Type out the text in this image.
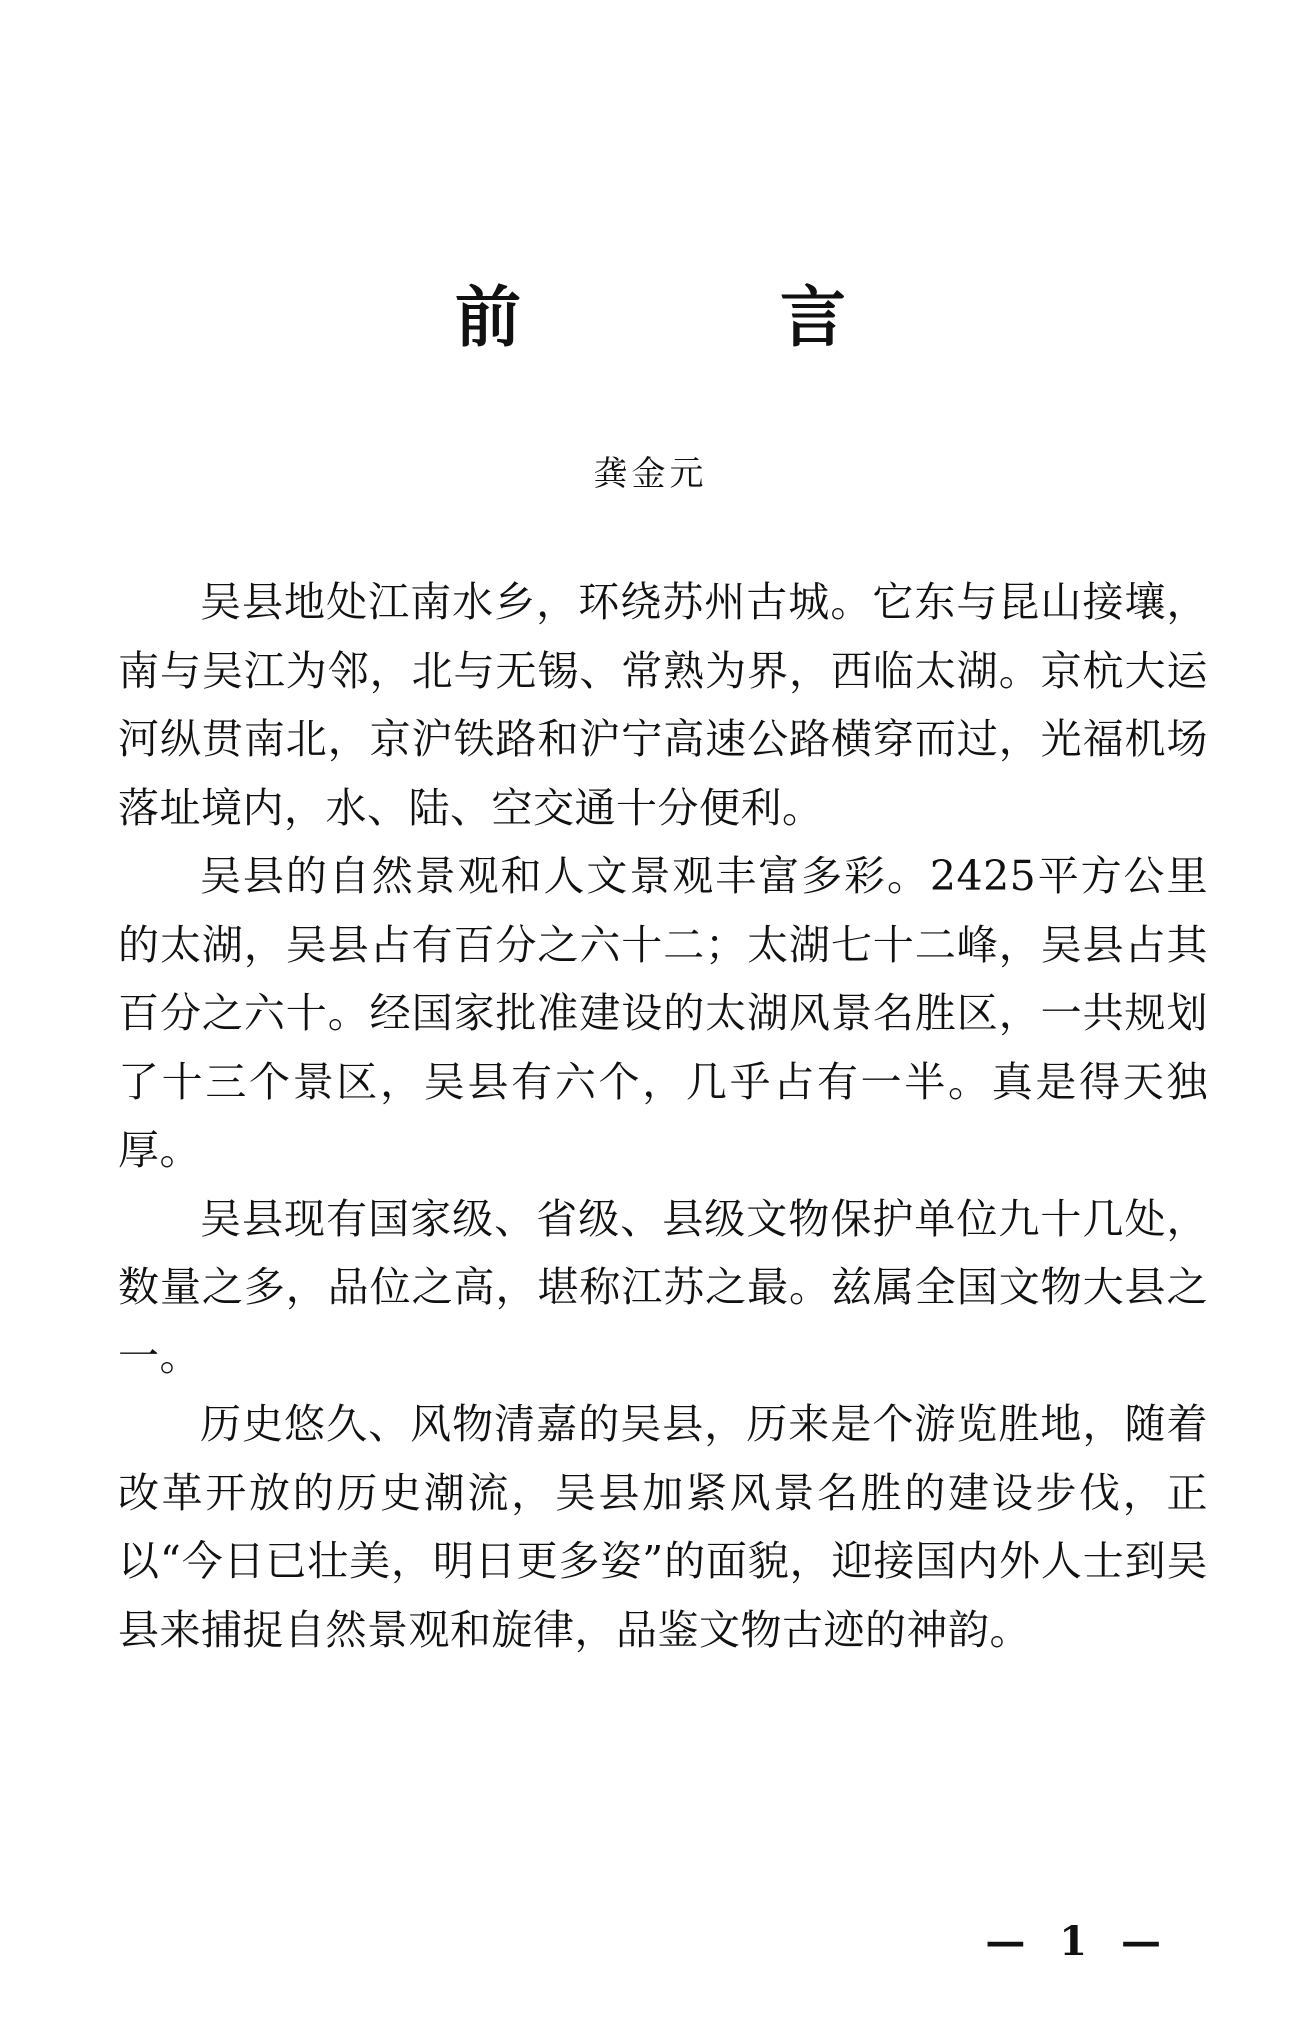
前 言

龚金元

吴县地处江南水乡，环绕苏州古城。它东与昆山接壤，南与吴江为邻，北与无锡、常熟为界，西临太湖。京杭大运河纵贯南北，京沪铁路和沪宁高速公路横穿而过，光福机场落址境内，水、陆、空交通十分便利。

吴县的自然景观和人文景观丰富多彩。2425平方公里的太湖，吴县占有百分之六十二；太湖七十二峰，吴县占其百分之六十。经国家批准建设的太湖风景名胜区，一共规划了十三个景区，吴县有六个，几乎占有一半。真是得天独厚。

吴县现有国家级、省级、县级文物保护单位九十几处，数量之多，品位之高，堪称江苏之最。兹属全国文物大县之一。

历史悠久、风物清嘉的吴县，历来是个游览胜地，随着改革开放的历史潮流，吴县加紧风景名胜的建设步伐，正以“今日已壮美，明日更多姿”的面貌，迎接国内外人士到吴县来捕捉自然景观和旋律，品鉴文物古迹的神韵。

— 1 —
